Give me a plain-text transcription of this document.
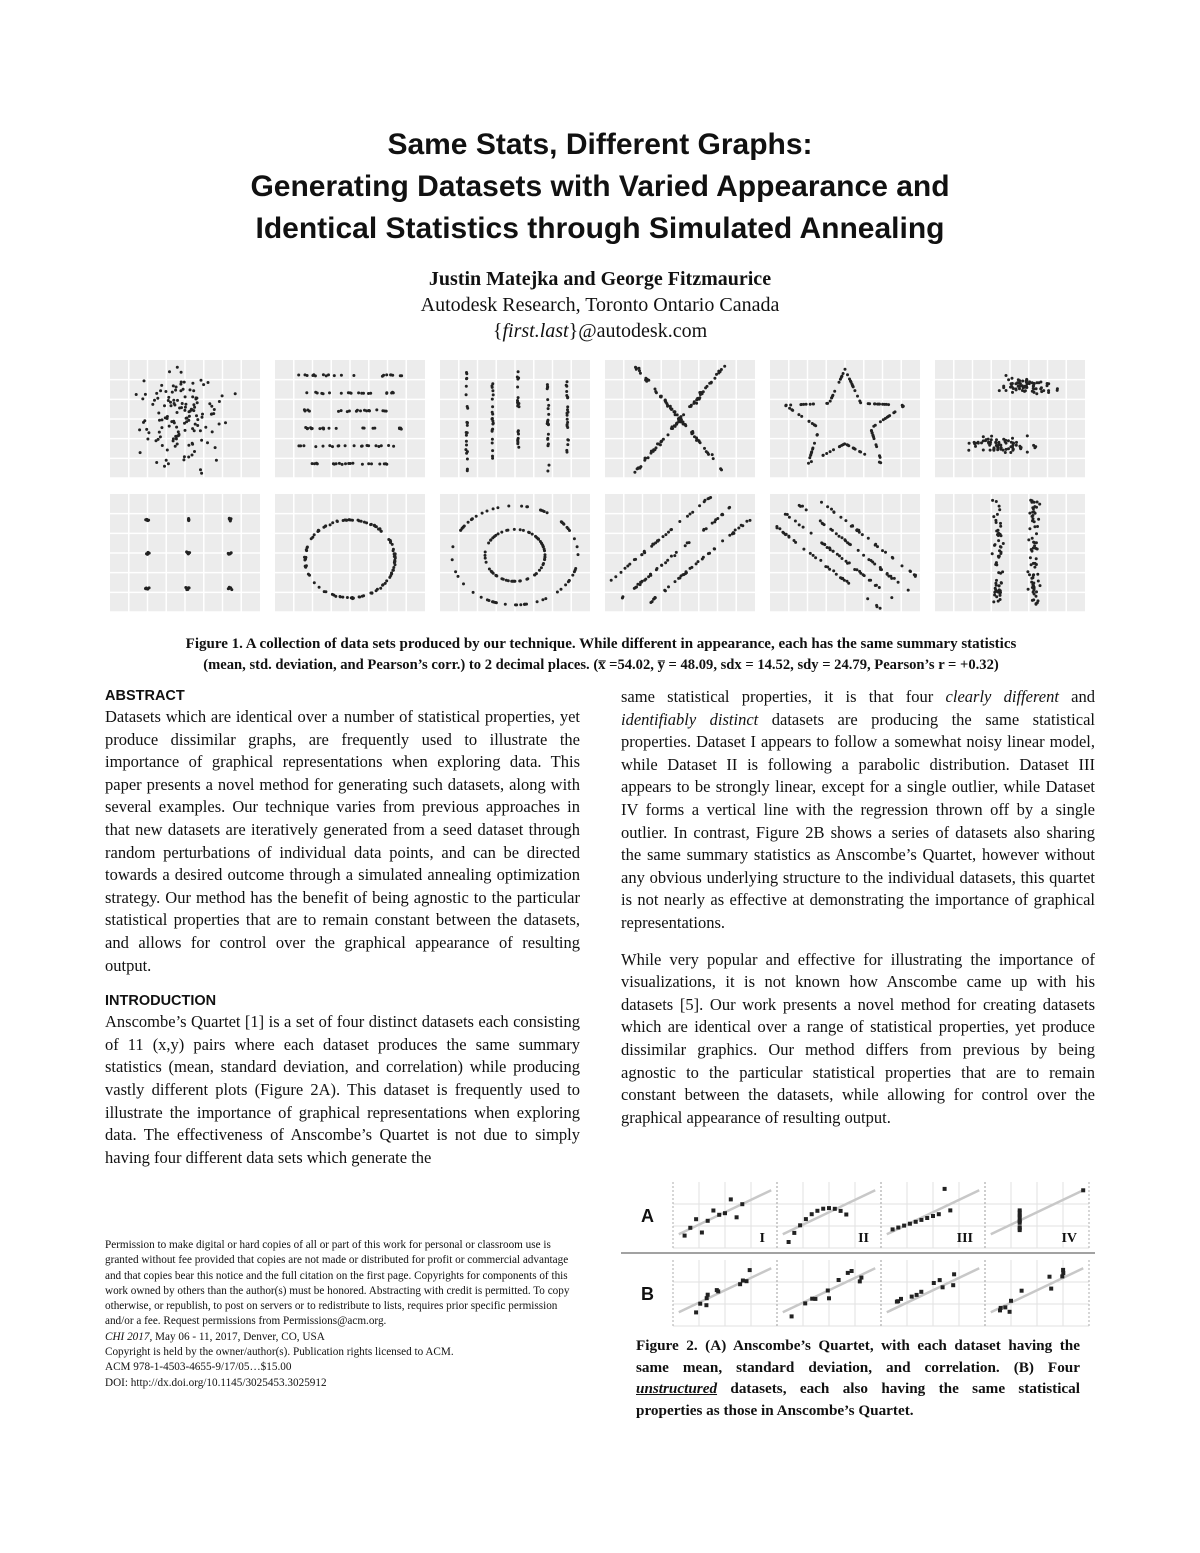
Same Stats, Different Graphs:
Generating Datasets with Varied Appearance and
Identical Statistics through Simulated Annealing
Justin Matejka and George Fitzmaurice
Autodesk Research, Toronto Ontario Canada
{first.last}@autodesk.com
Figure 1. A collection of data sets produced by our technique. While different in appearance, each has the same summary statistics
(mean, std. deviation, and Pearson’s corr.) to 2 decimal places. (x̅ =54.02, y̅ = 48.09, sdx = 14.52, sdy = 24.79, Pearson’s r = +0.32)
ABSTRACT

Datasets which are identical over a number of statistical properties, yet produce dissimilar graphs, are frequently used to illustrate the importance of graphical representations when exploring data. This paper presents a novel method for generating such datasets, along with several examples. Our technique varies from previous approaches in that new datasets are iteratively generated from a seed dataset through random perturbations of individual data points, and can be directed towards a desired outcome through a simulated annealing optimization strategy. Our method has the benefit of being agnostic to the particular statistical properties that are to remain constant between the datasets, and allows for control over the graphical appearance of resulting output.

INTRODUCTION

Anscombe’s Quartet [1] is a set of four distinct datasets each consisting of 11 (x,y) pairs where each dataset produces the same summary statistics (mean, standard deviation, and correlation) while producing vastly different plots (Figure 2A). This dataset is frequently used to illustrate the importance of graphical representations when exploring data. The effectiveness of Anscombe’s Quartet is not due to simply having four different data sets which generate the

same statistical properties, it is that four clearly different and identifiably distinct datasets are producing the same statistical properties. Dataset I appears to follow a somewhat noisy linear model, while Dataset II is following a parabolic distribution. Dataset III appears to be strongly linear, except for a single outlier, while Dataset IV forms a vertical line with the regression thrown off by a single outlier. In contrast, Figure 2B shows a series of datasets also sharing the same summary statistics as Anscombe’s Quartet, however without any obvious underlying structure to the individual datasets, this quartet is not nearly as effective at demonstrating the importance of graphical representations.

While very popular and effective for illustrating the importance of visualizations, it is not known how Anscombe came up with his datasets [5]. Our work presents a novel method for creating datasets which are identical over a range of statistical properties, yet produce dissimilar graphics. Our method differs from previous by being agnostic to the particular statistical properties that are to remain constant between the datasets, while allowing for control over the graphical appearance of resulting output.

Permission to make digital or hard copies of all or part of this work for personal or classroom use is granted without fee provided that copies are not made or distributed for profit or commercial advantage and that copies bear this notice and the full citation on the first page. Copyrights for components of this work owned by others than the author(s) must be honored. Abstracting with credit is permitted. To copy otherwise, or republish, to post on servers or to redistribute to lists, requires prior specific permission and/or a fee. Request permissions from Permissions@acm.org.

CHI 2017, May 06 - 11, 2017, Denver, CO, USA

Copyright is held by the owner/author(s). Publication rights licensed to ACM.

ACM 978-1-4503-4655-9/17/05…$15.00

DOI: http://dx.doi.org/10.1145/3025453.3025912

A
B
I	II	III	IV
Figure 2. (A) Anscombe’s Quartet, with each dataset having the same mean, standard deviation, and correlation. (B) Four unstructured datasets, each also having the same statistical properties as those in Anscombe’s Quartet.
